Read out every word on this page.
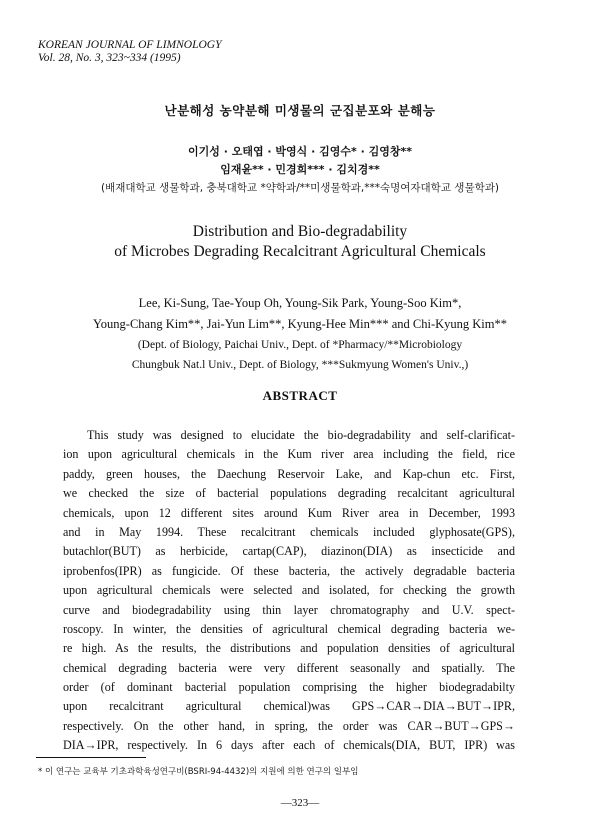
KOREAN JOURNAL OF LIMNOLOGY
Vol. 28, No. 3, 323~334 (1995)
난분해성 농약분해 미생물의 군집분포와 분해능
이기성 · 오태엽 · 박영식 · 김영수* · 김영창**
임재윤** · 민경희*** · 김치경**
(배재대학교 생물학과, 충북대학교 *약학과/**미생물학과,***숙명여자대학교 생물학과)
Distribution and Bio-degradability
of Microbes Degrading Recalcitrant Agricultural Chemicals
Lee, Ki-Sung, Tae-Youp Oh, Young-Sik Park, Young-Soo Kim*,
Young-Chang Kim**, Jai-Yun Lim**, Kyung-Hee Min*** and Chi-Kyung Kim**
(Dept. of Biology, Paichai Univ., Dept. of *Pharmacy/**Microbiology
Chungbuk Nat.l Univ., Dept. of Biology, ***Sukmyung Women's Univ.,)
ABSTRACT
This study was designed to elucidate the bio-degradability and self-clarificat-
ion upon agricultural chemicals in the Kum river area including the field, rice
paddy, green houses, the Daechung Reservoir Lake, and Kap-chun etc. First,
we checked the size of bacterial populations degrading recalcitant agricultural
chemicals, upon 12 different sites around Kum River area in December, 1993
and in May 1994. These recalcitrant chemicals included glyphosate(GPS),
butachlor(BUT) as herbicide, cartap(CAP), diazinon(DIA) as insecticide and
iprobenfos(IPR) as fungicide. Of these bacteria, the actively degradable bacteria
upon agricultural chemicals were selected and isolated, for checking the growth
curve and biodegradability using thin layer chromatography and U.V. spect-
roscopy. In winter, the densities of agricultural chemical degrading bacteria we-
re high. As the results, the distributions and population densities of agricultural
chemical degrading bacteria were very different seasonally and spatially. The
order (of dominant bacterial population comprising the higher biodegradabilty
upon recalcitrant agricultural chemical)was GPS→CAR→DIA→BUT→IPR,
respectively. On the other hand, in spring, the order was CAR→BUT→GPS→
DIA→IPR, respectively. In 6 days after each of chemicals(DIA, BUT, IPR) was
* 이 연구는 교육부 기초과학육성연구비(BSRI-94-4432)의 지원에 의한 연구의 일부임
—323—
